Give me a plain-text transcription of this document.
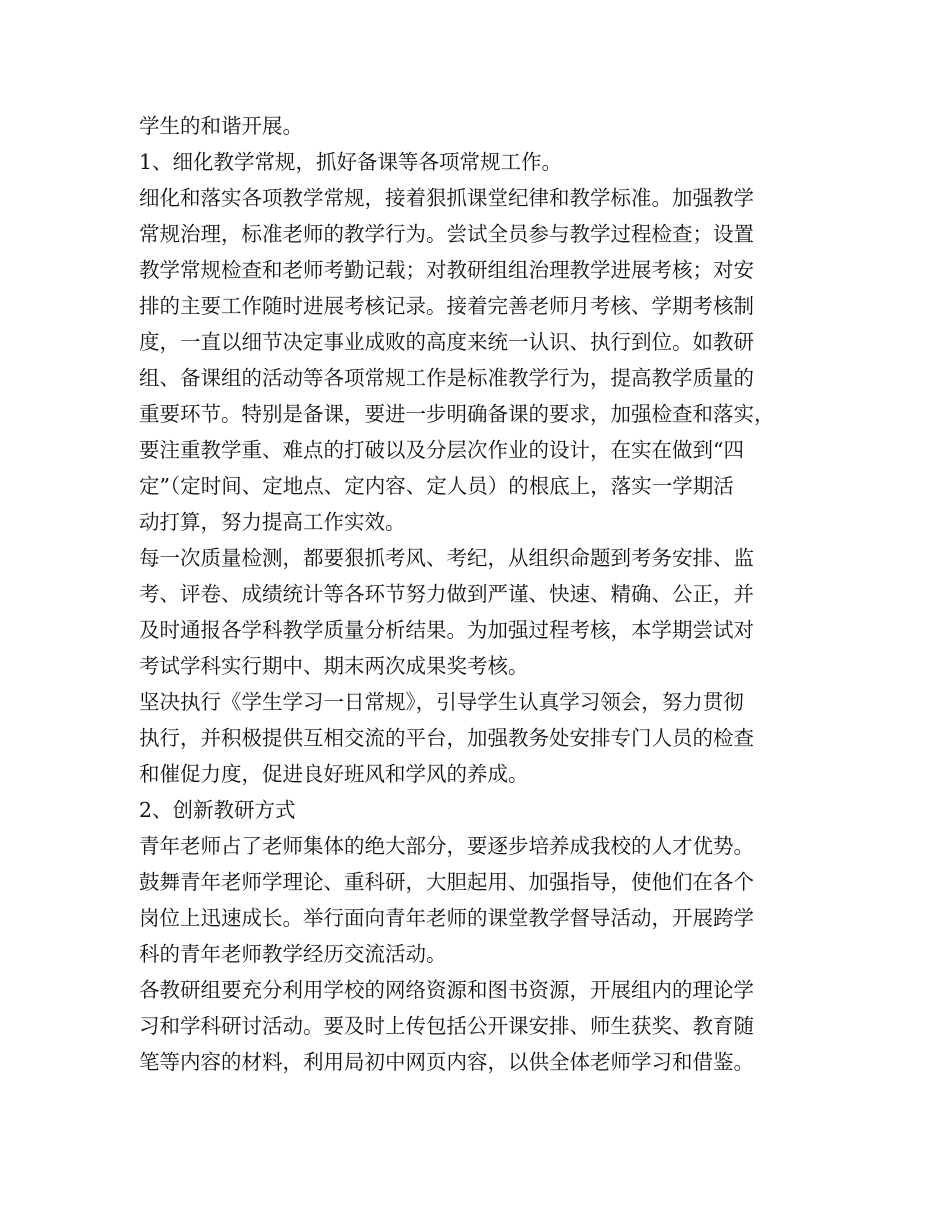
学生的和谐开展。
1、细化教学常规，抓好备课等各项常规工作。
细化和落实各项教学常规，接着狠抓课堂纪律和教学标准。加强教学
常规治理，标准老师的教学行为。尝试全员参与教学过程检查；设置
教学常规检查和老师考勤记载；对教研组组治理教学进展考核；对安
排的主要工作随时进展考核记录。接着完善老师月考核、学期考核制
度，一直以细节决定事业成败的高度来统一认识、执行到位。如教研
组、备课组的活动等各项常规工作是标准教学行为，提高教学质量的
重要环节。特别是备课，要进一步明确备课的要求，加强检查和落实，
要注重教学重、难点的打破以及分层次作业的设计，在实在做到“四
定”（定时间、定地点、定内容、定人员）的根底上，落实一学期活
动打算，努力提高工作实效。
每一次质量检测，都要狠抓考风、考纪，从组织命题到考务安排、监
考、评卷、成绩统计等各环节努力做到严谨、快速、精确、公正，并
及时通报各学科教学质量分析结果。为加强过程考核，本学期尝试对
考试学科实行期中、期末两次成果奖考核。
坚决执行《学生学习一日常规》，引导学生认真学习领会，努力贯彻
执行，并积极提供互相交流的平台，加强教务处安排专门人员的检查
和催促力度，促进良好班风和学风的养成。
2、创新教研方式
青年老师占了老师集体的绝大部分，要逐步培养成我校的人才优势。
鼓舞青年老师学理论、重科研，大胆起用、加强指导，使他们在各个
岗位上迅速成长。举行面向青年老师的课堂教学督导活动，开展跨学
科的青年老师教学经历交流活动。
各教研组要充分利用学校的网络资源和图书资源，开展组内的理论学
习和学科研讨活动。要及时上传包括公开课安排、师生获奖、教育随
笔等内容的材料，利用局初中网页内容，以供全体老师学习和借鉴。
